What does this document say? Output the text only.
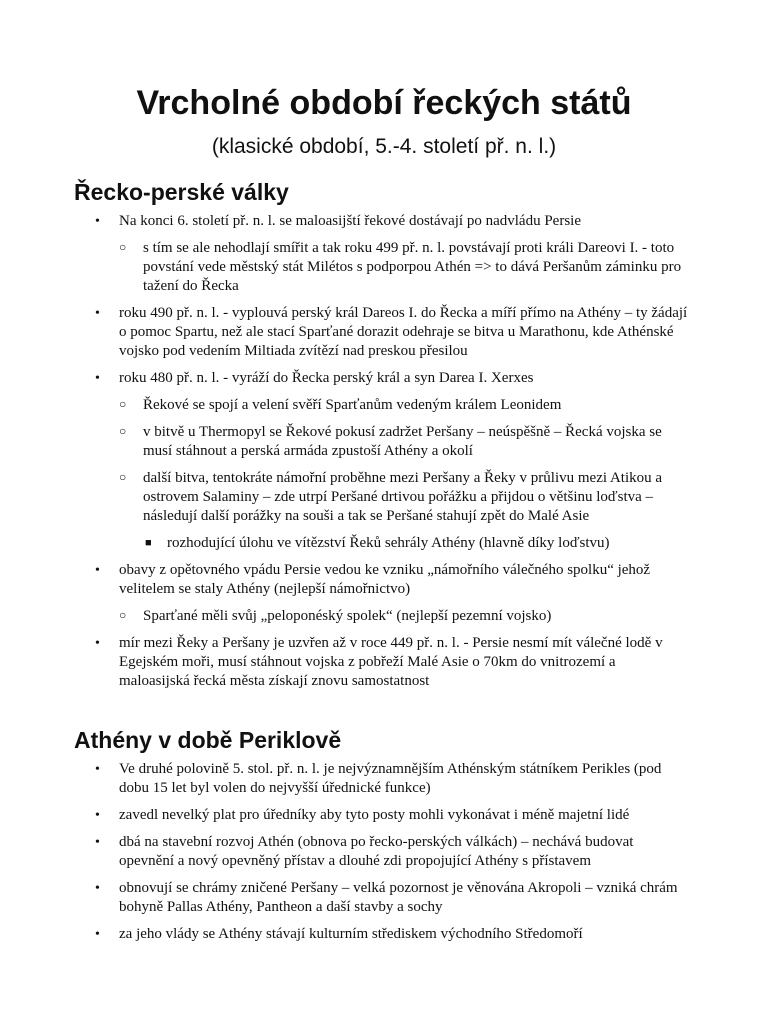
Vrcholné období řeckých států
(klasické období, 5.-4. století př. n. l.)
Řecko-perské války
• Na konci 6. století př. n. l. se maloasijští řekové dostávají po nadvládu Persie
○ s tím se ale nehodlají smířit a tak roku 499 př. n. l. povstávají proti králi Dareovi I. - toto povstání vede městský stát Milétos s podporpou Athén => to dává Peršanům záminku pro tažení do Řecka
• roku 490 př. n. l. - vyplouvá perský král Dareos I. do Řecka a míří přímo na Athény – ty žádají o pomoc Spartu, než ale stací Sparťané dorazit odehraje se bitva u Marathonu, kde Athénské vojsko pod vedením Miltiada zvítězí nad preskou přesilou
• roku 480 př. n. l. - vyráží do Řecka perský král a syn Darea I. Xerxes
○ Řekové se spojí a velení svěří Sparťanům vedeným králem Leonidem
○ v bitvě u Thermopyl se Řekové pokusí zadržet Peršany – neúspěšně – Řecká vojska se musí stáhnout a perská armáda zpustoší Athény a okolí
○ další bitva, tentokráte námořní proběhne mezi Peršany a Řeky v průlivu mezi Atikou a ostrovem Salaminy – zde utrpí Peršané drtivou pořážku a přijdou o většinu loďstva – následují další porážky na souši a tak se Peršané stahují zpět do Malé Asie
■ rozhodující úlohu ve vítězství Řeků sehrály Athény (hlavně díky loďstvu)
• obavy z opětovného vpádu Persie vedou ke vzniku „námořního válečného spolku“ jehož velitelem se staly Athény (nejlepší námořnictvo)
○ Sparťané měli svůj „peloponéský spolek“ (nejlepší pezemní vojsko)
• mír mezi Řeky a Peršany je uzvřen až v roce 449 př. n. l. - Persie nesmí mít válečné lodě v Egejském moři, musí stáhnout vojska z pobřeží Malé Asie o 70km do vnitrozemí a maloasijská řecká města získají znovu samostatnost
Athény v době Periklově
• Ve druhé polovině 5. stol. př. n. l. je nejvýznamnějším Athénským státníkem Perikles (pod dobu 15 let byl volen do nejvyšší úřednické funkce)
• zavedl nevelký plat pro úředníky aby tyto posty mohli vykonávat i méně majetní lidé
• dbá na stavební rozvoj Athén (obnova po řecko-perských válkách) – nechává budovat opevnění a nový opevněný přístav a dlouhé zdi propojující Athény s přístavem
• obnovují se chrámy zničené Peršany – velká pozornost je věnována Akropoli – vzniká chrám bohyně Pallas Athény, Pantheon a daší stavby a sochy
• za jeho vlády se Athény stávají kulturním střediskem východního Středomoří
